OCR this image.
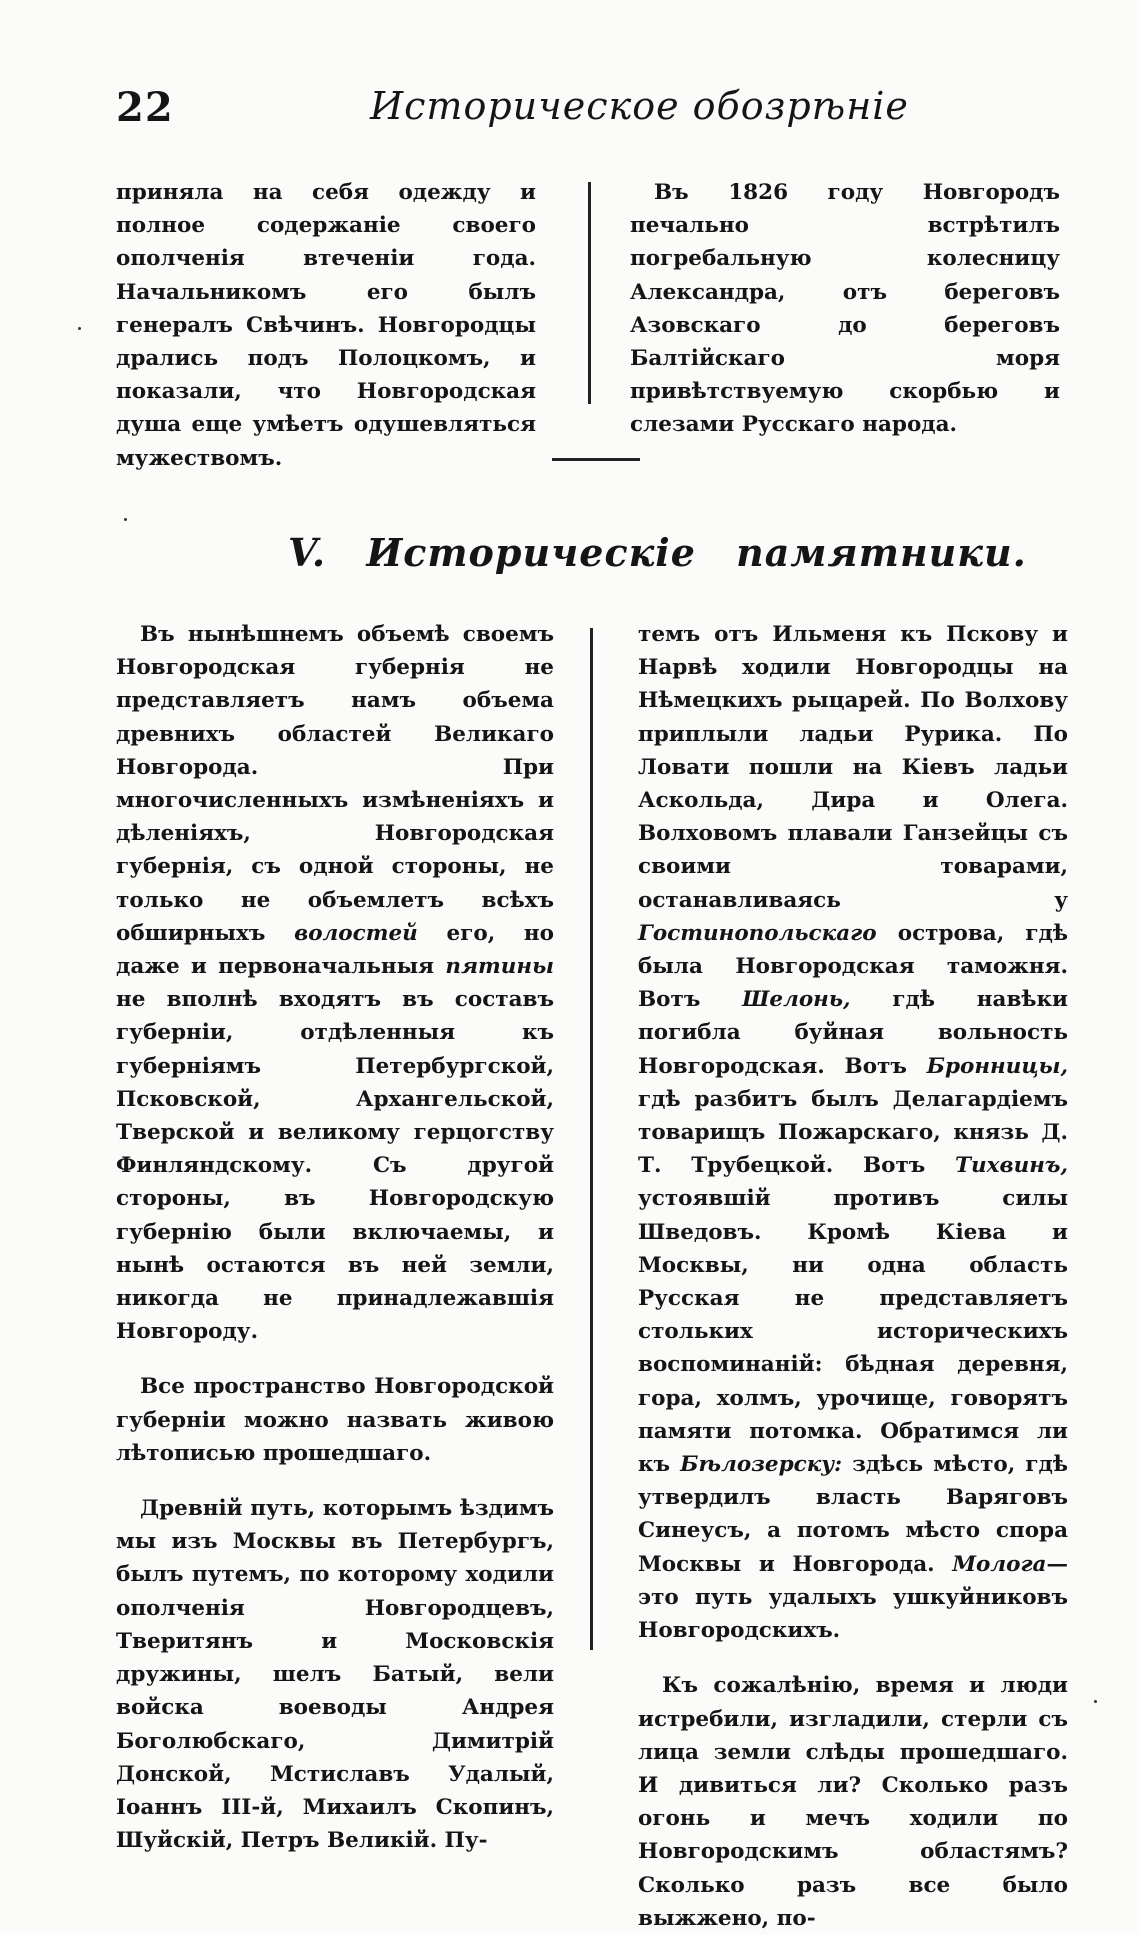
22	Историческое обозрѣніе

приняла на себя одежду и полное содержаніе своего ополченія втеченіи года. Начальникомъ его былъ генералъ Свѣчинъ. Новгородцы дрались подъ Полоцкомъ, и показали, что Новгородская душа еще умѣетъ одушевляться мужествомъ.

Въ 1826 году Новгородъ печально встрѣтилъ погребальную колесницу Александра, отъ береговъ Азовскаго до береговъ Балтійскаго моря привѣтствуемую скорбью и слезами Русскаго народа.

V. Историческіе памятники.

Въ нынѣшнемъ объемѣ своемъ Новгородская губернія не представляетъ намъ объема древнихъ областей Великаго Новгорода. При многочисленныхъ измѣненіяхъ и дѣленіяхъ, Новгородская губернія, съ одной стороны, не только не объемлетъ всѣхъ обширныхъ волостей его, но даже и первоначальныя пятины не вполнѣ входятъ въ составъ губерніи, отдѣленныя къ губерніямъ Петербургской, Псковской, Архангельской, Тверской и великому герцогству Финляндскому. Съ другой стороны, въ Новгородскую губернію были включаемы, и нынѣ остаются въ ней земли, никогда не принадлежавшія Новгороду.

Все пространство Новгородской губерніи можно назвать живою лѣтописью прошедшаго.

Древній путь, которымъ ѣздимъ мы изъ Москвы въ Петербургъ, былъ путемъ, по которому ходили ополченія Новгородцевъ, Тверитянъ и Московскія дружины, шелъ Батый, вели войска воеводы Андрея Боголюбскаго, Димитрій Донской, Мстиславъ Удалый, Іоаннъ III-й, Михаилъ Скопинъ, Шуйскій, Петръ Великій. Пу-

темъ отъ Ильменя къ Пскову и Нарвѣ ходили Новгородцы на Нѣмецкихъ рыцарей. По Волхову приплыли ладьи Рурика. По Ловати пошли на Кіевъ ладьи Аскольда, Дира и Олега. Волховомъ плавали Ганзейцы съ своими товарами, останавливаясь у Гостинопольскаго острова, гдѣ была Новгородская таможня. Вотъ Шелонь, гдѣ навѣки погибла буйная вольность Новгородская. Вотъ Бронницы, гдѣ разбитъ былъ Делагардіемъ товарищъ Пожарскаго, князь Д. Т. Трубецкой. Вотъ Тихвинъ, устоявшій противъ силы Шведовъ. Кромѣ Кіева и Москвы, ни одна область Русская не представляетъ стольких историческихъ воспоминаній: бѣдная деревня, гора, холмъ, урочище, говорятъ памяти потомка. Обратимся ли къ Бѣлозерску: здѣсь мѣсто, гдѣ утвердилъ власть Варяговъ Синеусъ, а потомъ мѣсто спора Москвы и Новгорода. Молога—это путь удалыхъ ушкуйниковъ Новгородскихъ.

Къ сожалѣнію, время и люди истребили, изгладили, стерли съ лица земли слѣды прошедшаго. И дивиться ли? Сколько разъ огонь и мечъ ходили по Новгородскимъ областямъ? Сколько разъ все было выжжено, по-
